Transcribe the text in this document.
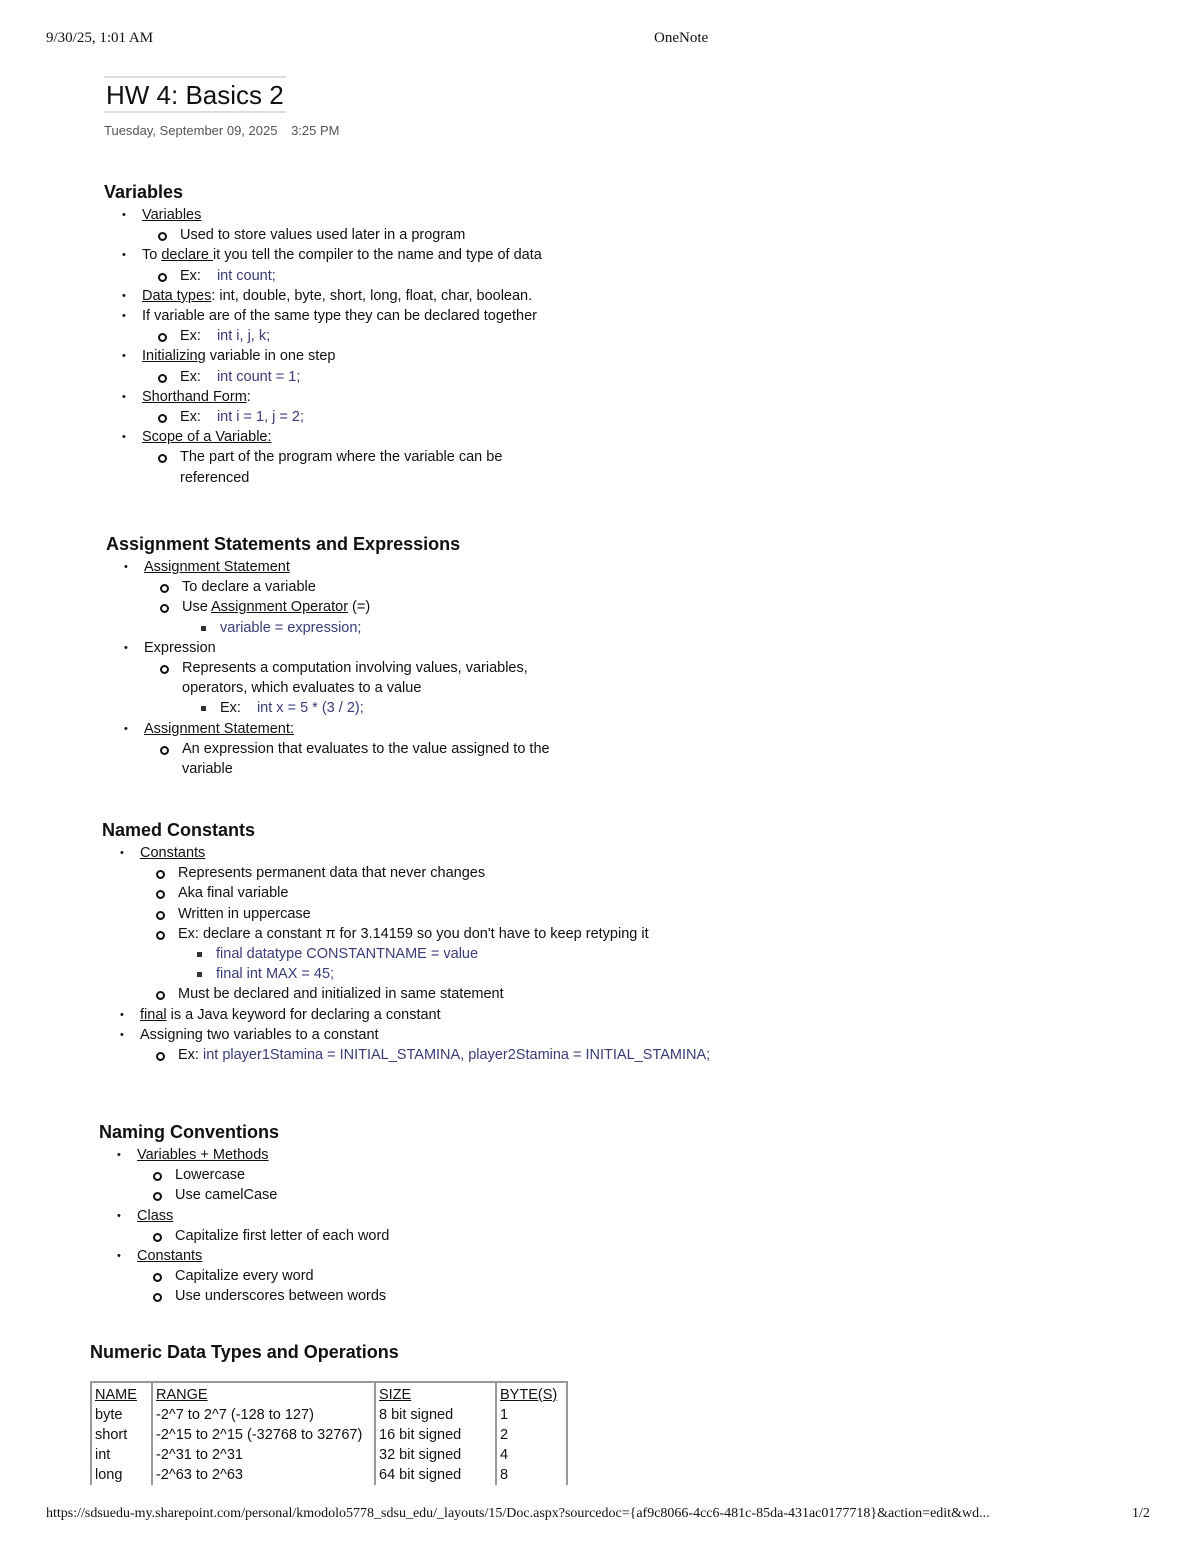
9/30/25, 1:01 AM	OneNote
HW 4: Basics 2
Tuesday, September 09, 2025 3:25 PM
Variables
• Variables
Used to store values used later in a program
• To declare it you tell the compiler to the name and type of data
Ex: int count;
• Data types: int, double, byte, short, long, float, char, boolean.
• If variable are of the same type they can be declared together
Ex: int i, j, k;
• Initializing variable in one step
Ex: int count = 1;
• Shorthand Form:
Ex: int i = 1, j = 2;
• Scope of a Variable:
The part of the program where the variable can be referenced
Assignment Statements and Expressions
• Assignment Statement
To declare a variable
Use Assignment Operator (=)
variable = expression;
• Expression
Represents a computation involving values, variables, operators, which evaluates to a value
Ex: int x = 5 * (3 / 2);
• Assignment Statement:
An expression that evaluates to the value assigned to the variable
Named Constants
• Constants
Represents permanent data that never changes
Aka final variable
Written in uppercase
Ex: declare a constant π for 3.14159 so you don't have to keep retyping it
final datatype CONSTANTNAME = value
final int MAX = 45;
Must be declared and initialized in same statement
• final is a Java keyword for declaring a constant
• Assigning two variables to a constant
Ex: int player1Stamina = INITIAL_STAMINA, player2Stamina = INITIAL_STAMINA;
Naming Conventions
• Variables + Methods
Lowercase
Use camelCase
• Class
Capitalize first letter of each word
• Constants
Capitalize every word
Use underscores between words
Numeric Data Types and Operations
NAME	RANGE	SIZE	BYTE(S)
byte	-2^7 to 2^7 (-128 to 127)	8 bit signed	1
short	-2^15 to 2^15 (-32768 to 32767)	16 bit signed	2
int	-2^31 to 2^31	32 bit signed	4
long	-2^63 to 2^63	64 bit signed	8
https://sdsuedu-my.sharepoint.com/personal/kmodolo5778_sdsu_edu/_layouts/15/Doc.aspx?sourcedoc={af9c8066-4cc6-481c-85da-431ac0177718}&action=edit&wd...	1/2
